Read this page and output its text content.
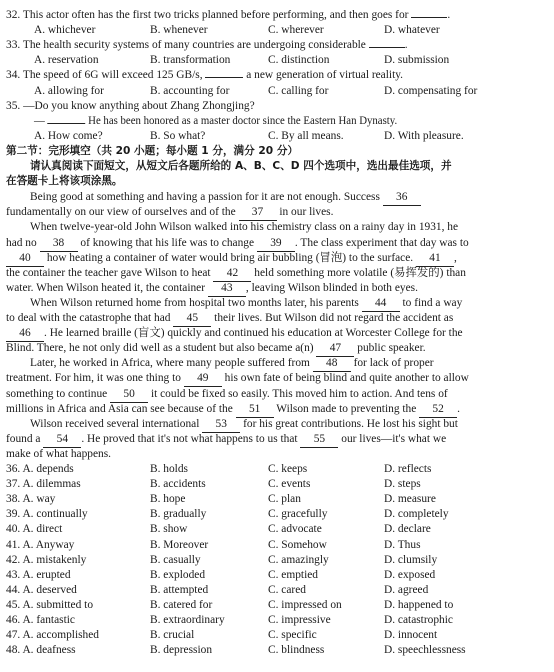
32. This actor often has the first two tricks planned before performing, and then goes for	.
A. whichever	B. whenever	C. wherever	D. whatever
33. The health security systems of many countries are undergoing considerable	.
A. reservation	B. transformation	C. distinction	D. submission
34. The speed of 6G will exceed 125 GB/s,	a new generation of virtual reality.
A. allowing for	B. accounting for	C. calling for	D. compensating for
35. —Do you know anything about Zhang Zhongjing?
—	He has been honored as a master doctor since the Eastern Han Dynasty.
A. How come?	B. So what?	C. By all means.	D. With pleasure.
第二节：完形填空（共 20 小题；每小题 1 分，满分 20 分）
请认真阅读下面短文，从短文后各题所给的 A、B、C、D 四个选项中，选出最佳选项，并
在答题卡上将该项涂黑。
Being good at something and having a passion for it are not enough. Success 36
fundamentally on our view of ourselves and of the 37 in our lives.
When twelve-year-old John Wilson walked into his chemistry class on a rainy day in 1931, he
had no 38 of knowing that his life was to change 39 . The class experiment that day was to
40 how heating a container of water would bring air bubbling (冒泡) to the surface. 41 ,
the container the teacher gave Wilson to heat 42 held something more volatile (易挥发的) than
water. When Wilson heated it, the container 43 , leaving Wilson blinded in both eyes.
When Wilson returned home from hospital two months later, his parents 44 to find a way
to deal with the catastrophe that had 45 their lives. But Wilson did not regard the accident as
46 . He learned braille (盲文) quickly and continued his education at Worcester College for the
Blind. There, he not only did well as a student but also became a(n) 47 public speaker.
Later, he worked in Africa, where many people suffered from 48 for lack of proper
treatment. For him, it was one thing to 49 his own fate of being blind and quite another to allow
something to continue 50 it could be fixed so easily. This moved him to action. And tens of
millions in Africa and Asia can see because of the 51 Wilson made to preventing the 52 .
Wilson received several international 53 for his great contributions. He lost his sight but
found a 54 . He proved that it's not what happens to us that 55 our lives—it's what we
make of what happens.
36. A. depends	B. holds	C. keeps	D. reflects
37. A. dilemmas	B. accidents	C. events	D. steps
38. A. way	B. hope	C. plan	D. measure
39. A. continually	B. gradually	C. gracefully	D. completely
40. A. direct	B. show	C. advocate	D. declare
41. A. Anyway	B. Moreover	C. Somehow	D. Thus
42. A. mistakenly	B. casually	C. amazingly	D. clumsily
43. A. erupted	B. exploded	C. emptied	D. exposed
44. A. deserved	B. attempted	C. cared	D. agreed
45. A. submitted to	B. catered for	C. impressed on	D. happened to
46. A. fantastic	B. extraordinary	C. impressive	D. catastrophic
47. A. accomplished	B. crucial	C. specific	D. innocent
48. A. deafness	B. depression	C. blindness	D. speechlessness
